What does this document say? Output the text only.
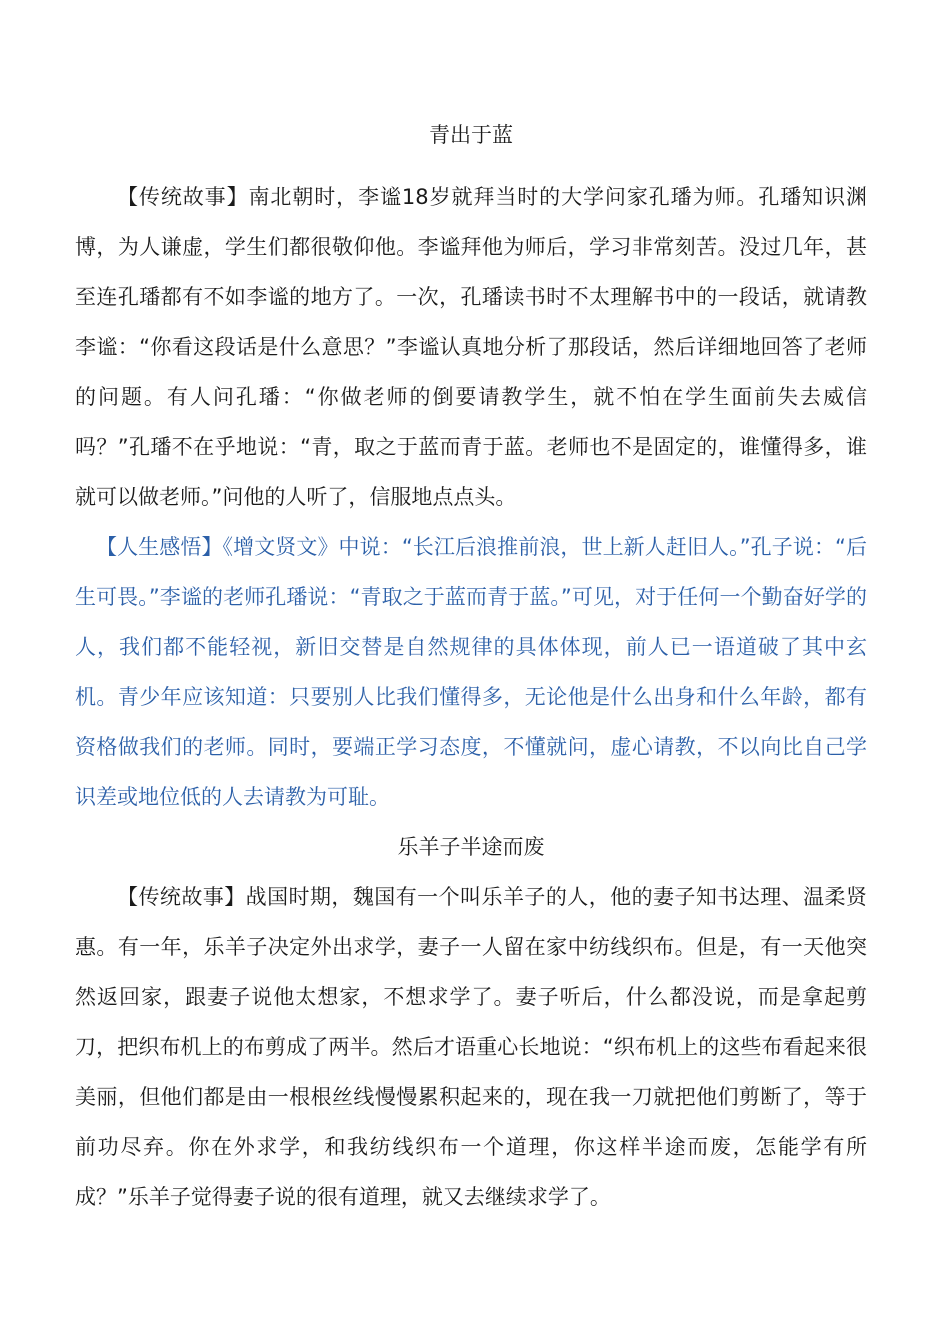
青出于蓝

【传统故事】南北朝时，李谧18岁就拜当时的大学问家孔璠为师。孔璠知识渊博，为人谦虚，学生们都很敬仰他。李谧拜他为师后，学习非常刻苦。没过几年，甚至连孔璠都有不如李谧的地方了。一次，孔璠读书时不太理解书中的一段话，就请教李谧：“你看这段话是什么意思？”李谧认真地分析了那段话，然后详细地回答了老师的问题。有人问孔璠：“你做老师的倒要请教学生，就不怕在学生面前失去威信吗？”孔璠不在乎地说：“青，取之于蓝而青于蓝。老师也不是固定的，谁懂得多，谁就可以做老师。”问他的人听了，信服地点点头。

【人生感悟】《增文贤文》中说：“长江后浪推前浪，世上新人赶旧人。”孔子说：“后生可畏。”李谧的老师孔璠说：“青取之于蓝而青于蓝。”可见，对于任何一个勤奋好学的人，我们都不能轻视，新旧交替是自然规律的具体体现，前人已一语道破了其中玄机。青少年应该知道：只要别人比我们懂得多，无论他是什么出身和什么年龄，都有资格做我们的老师。同时，要端正学习态度，不懂就问，虚心请教，不以向比自己学识差或地位低的人去请教为可耻。

乐羊子半途而废

【传统故事】战国时期，魏国有一个叫乐羊子的人，他的妻子知书达理、温柔贤惠。有一年，乐羊子决定外出求学，妻子一人留在家中纺线织布。但是，有一天他突然返回家，跟妻子说他太想家，不想求学了。妻子听后，什么都没说，而是拿起剪刀，把织布机上的布剪成了两半。然后才语重心长地说：“织布机上的这些布看起来很美丽，但他们都是由一根根丝线慢慢累积起来的，现在我一刀就把他们剪断了，等于前功尽弃。你在外求学，和我纺线织布一个道理，你这样半途而废，怎能学有所成？”乐羊子觉得妻子说的很有道理，就又去继续求学了。
